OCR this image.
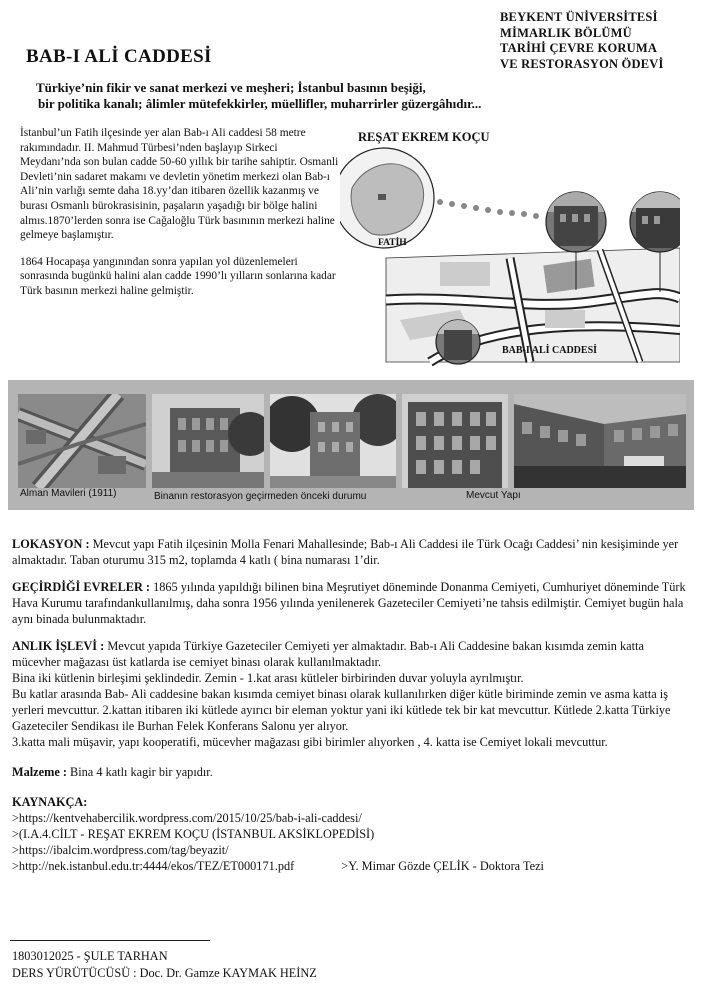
BEYKENT ÜNİVERSİTESİ
MİMARLIK BÖLÜMÜ
TARİHİ ÇEVRE KORUMA
VE RESTORASYON ÖDEVİ
BAB-I ALİ CADDESİ
Türkiye’nin fikir ve sanat merkezi ve meşheri; İstanbul basının beşiği,
bir politika kanalı; âlimler mütefekkirler, müellifler, muharrirler güzergâhıdır...

İstanbul’un Fatih ilçesinde yer alan Bab-ı Ali caddesi 58 metre rakımındadır. II. Mahmud Türbesi’nden başlayıp Sirkeci Meydanı’nda son bulan cadde 50-60 yıllık bir tarihe sahiptir. Osmanli Devleti’nin sadaret makamı ve devletin yönetim merkezi olan Bab-ı Ali’nin varlığı semte daha 18.yy’dan itibaren özellik kazanmış ve burası Osmanlı bürokrasisinin, paşaların yaşadığı bir bölge halini almıs.1870’lerden sonra ise Cağaloğlu Türk basınının merkezi haline gelmeye başlamıştır.

1864 Hocapaşa yangınından sonra yapılan yol düzenlemeleri sonrasında bugünkü halini alan cadde 1990’lı yılların sonlarına kadar Türk basının merkezi haline gelmiştir.

REŞAT EKREM KOÇU
FATİH
BAB-I ALİ CADDESİ
Alman Mavileri (1911)	Binanın restorasyon geçirmeden önceki durumu	Mevcut Yapı

LOKASYON : Mevcut yapı Fatih ilçesinin Molla Fenari Mahallesinde; Bab-ı Ali Caddesi ile Türk Ocağı Caddesi’ nin kesişiminde yer almaktadır. Taban oturumu 315 m2, toplamda 4 katlı ( bina numarası 1’dir.

GEÇİRDİĞİ EVRELER : 1865 yılında yapıldığı bilinen bina Meşrutiyet döneminde Donanma Cemiyeti, Cumhuriyet döneminde Türk Hava Kurumu tarafındankullanılmış, daha sonra 1956 yılında yenilenerek Gazeteciler Cemiyeti’ne tahsis edilmiştir. Cemiyet bugün hala aynı binada bulunmaktadır.

ANLIK İŞLEVİ : Mevcut yapıda Türkiye Gazeteciler Cemiyeti yer almaktadır. Bab-ı Ali Caddesine bakan kısımda zemin katta mücevher mağazası üst katlarda ise cemiyet binası olarak kullanılmaktadır.

Bina iki kütlenin birleşimi şeklindedir. Zemin - 1.kat arası kütleler birbirinden duvar yoluyla ayrılmıştır.
Bu katlar arasında Bab- Ali caddesine bakan kısımda cemiyet binası olarak kullanılırken diğer kütle biriminde zemin ve asma katta iş yerleri mevcuttur. 2.kattan itibaren iki kütlede ayırıcı bir eleman yoktur yani iki kütlede tek bir kat mevcuttur. Kütlede 2.katta Türkiye Gazeteciler Sendikası ile Burhan Felek Konferans Salonu yer alıyor.

3.katta mali müşavir, yapı kooperatifi, mücevher mağazası gibi birimler alıyorken , 4. katta ise Cemiyet lokali mevcuttur.

Malzeme : Bina 4 katlı kagir bir yapıdır.

KAYNAKÇA:
>https://kentvehabercilik.wordpress.com/2015/10/25/bab-i-ali-caddesi/
>(I.A.4.CİLT - REŞAT EKREM KOÇU (İSTANBUL AKSİKLOPEDİSİ)
>https://ibalcim.wordpress.com/tag/beyazit/
>http://nek.istanbul.edu.tr:4444/ekos/TEZ/ET000171.pdf	>Y. Mimar Gözde ÇELİK - Doktora Tezi
1803012025 - ŞULE TARHAN
DERS YÜRÜTÜCÜSÜ : Doc. Dr. Gamze KAYMAK HEİNZ
